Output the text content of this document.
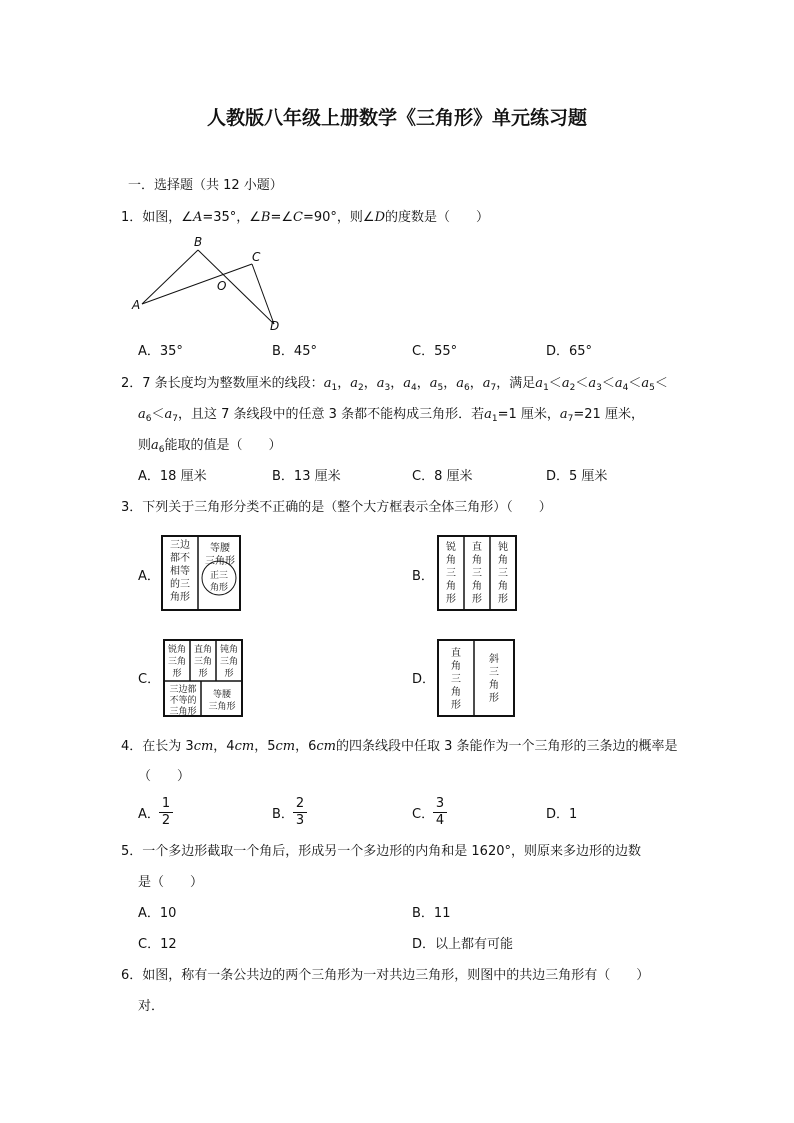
人教版八年级上册数学《三角形》单元练习题
一．选择题（共 12 小题）
1．如图，∠A=35°，∠B=∠C=90°，则∠D的度数是（　　）
A
B
C
O
D
A．35°	B．45°	C．55°	D．65°
2．7 条长度均为整数厘米的线段：$a_1$，$a_2$，$a_3$，$a_4$，$a_5$，$a_6$，$a_7$，满足$a_1<a_2<a_3<a_4<a_5<$
$a_6<a_7$，且这 7 条线段中的任意 3 条都不能构成三角形．若$a_1=1$ 厘米，$a_7=21$ 厘米，
则$a_6$能取的值是（　　）
A．18 厘米	B．13 厘米	C．8 厘米	D．5 厘米
3．下列关于三角形分类不正确的是（整个大方框表示全体三角形）（　　）
A．
三边
都不
相等
的三
角形
等腰
三角形
正三
角形
B．
锐
角
三
角
形
直
角
三
角
形
钝
角
三
角
形
C．
锐角
三角
形
直角
三角
形
钝角
三角
形
三边都
不等的
三角形
等腰
三角形
D．
直
角
三
角
形
斜
三
角
形
4．在长为 3cm，4cm，5cm，6cm的四条线段中任取 3 条能作为一个三角形的三条边的概率是
（　　）
A．
1
2	B．
2
3	C．
3
4	D．1
5．一个多边形截取一个角后，形成另一个多边形的内角和是 1620°，则原来多边形的边数
是（　　）
A．10	B．11
C．12	D．以上都有可能
6．如图，称有一条公共边的两个三角形为一对共边三角形，则图中的共边三角形有（　　）
对．
